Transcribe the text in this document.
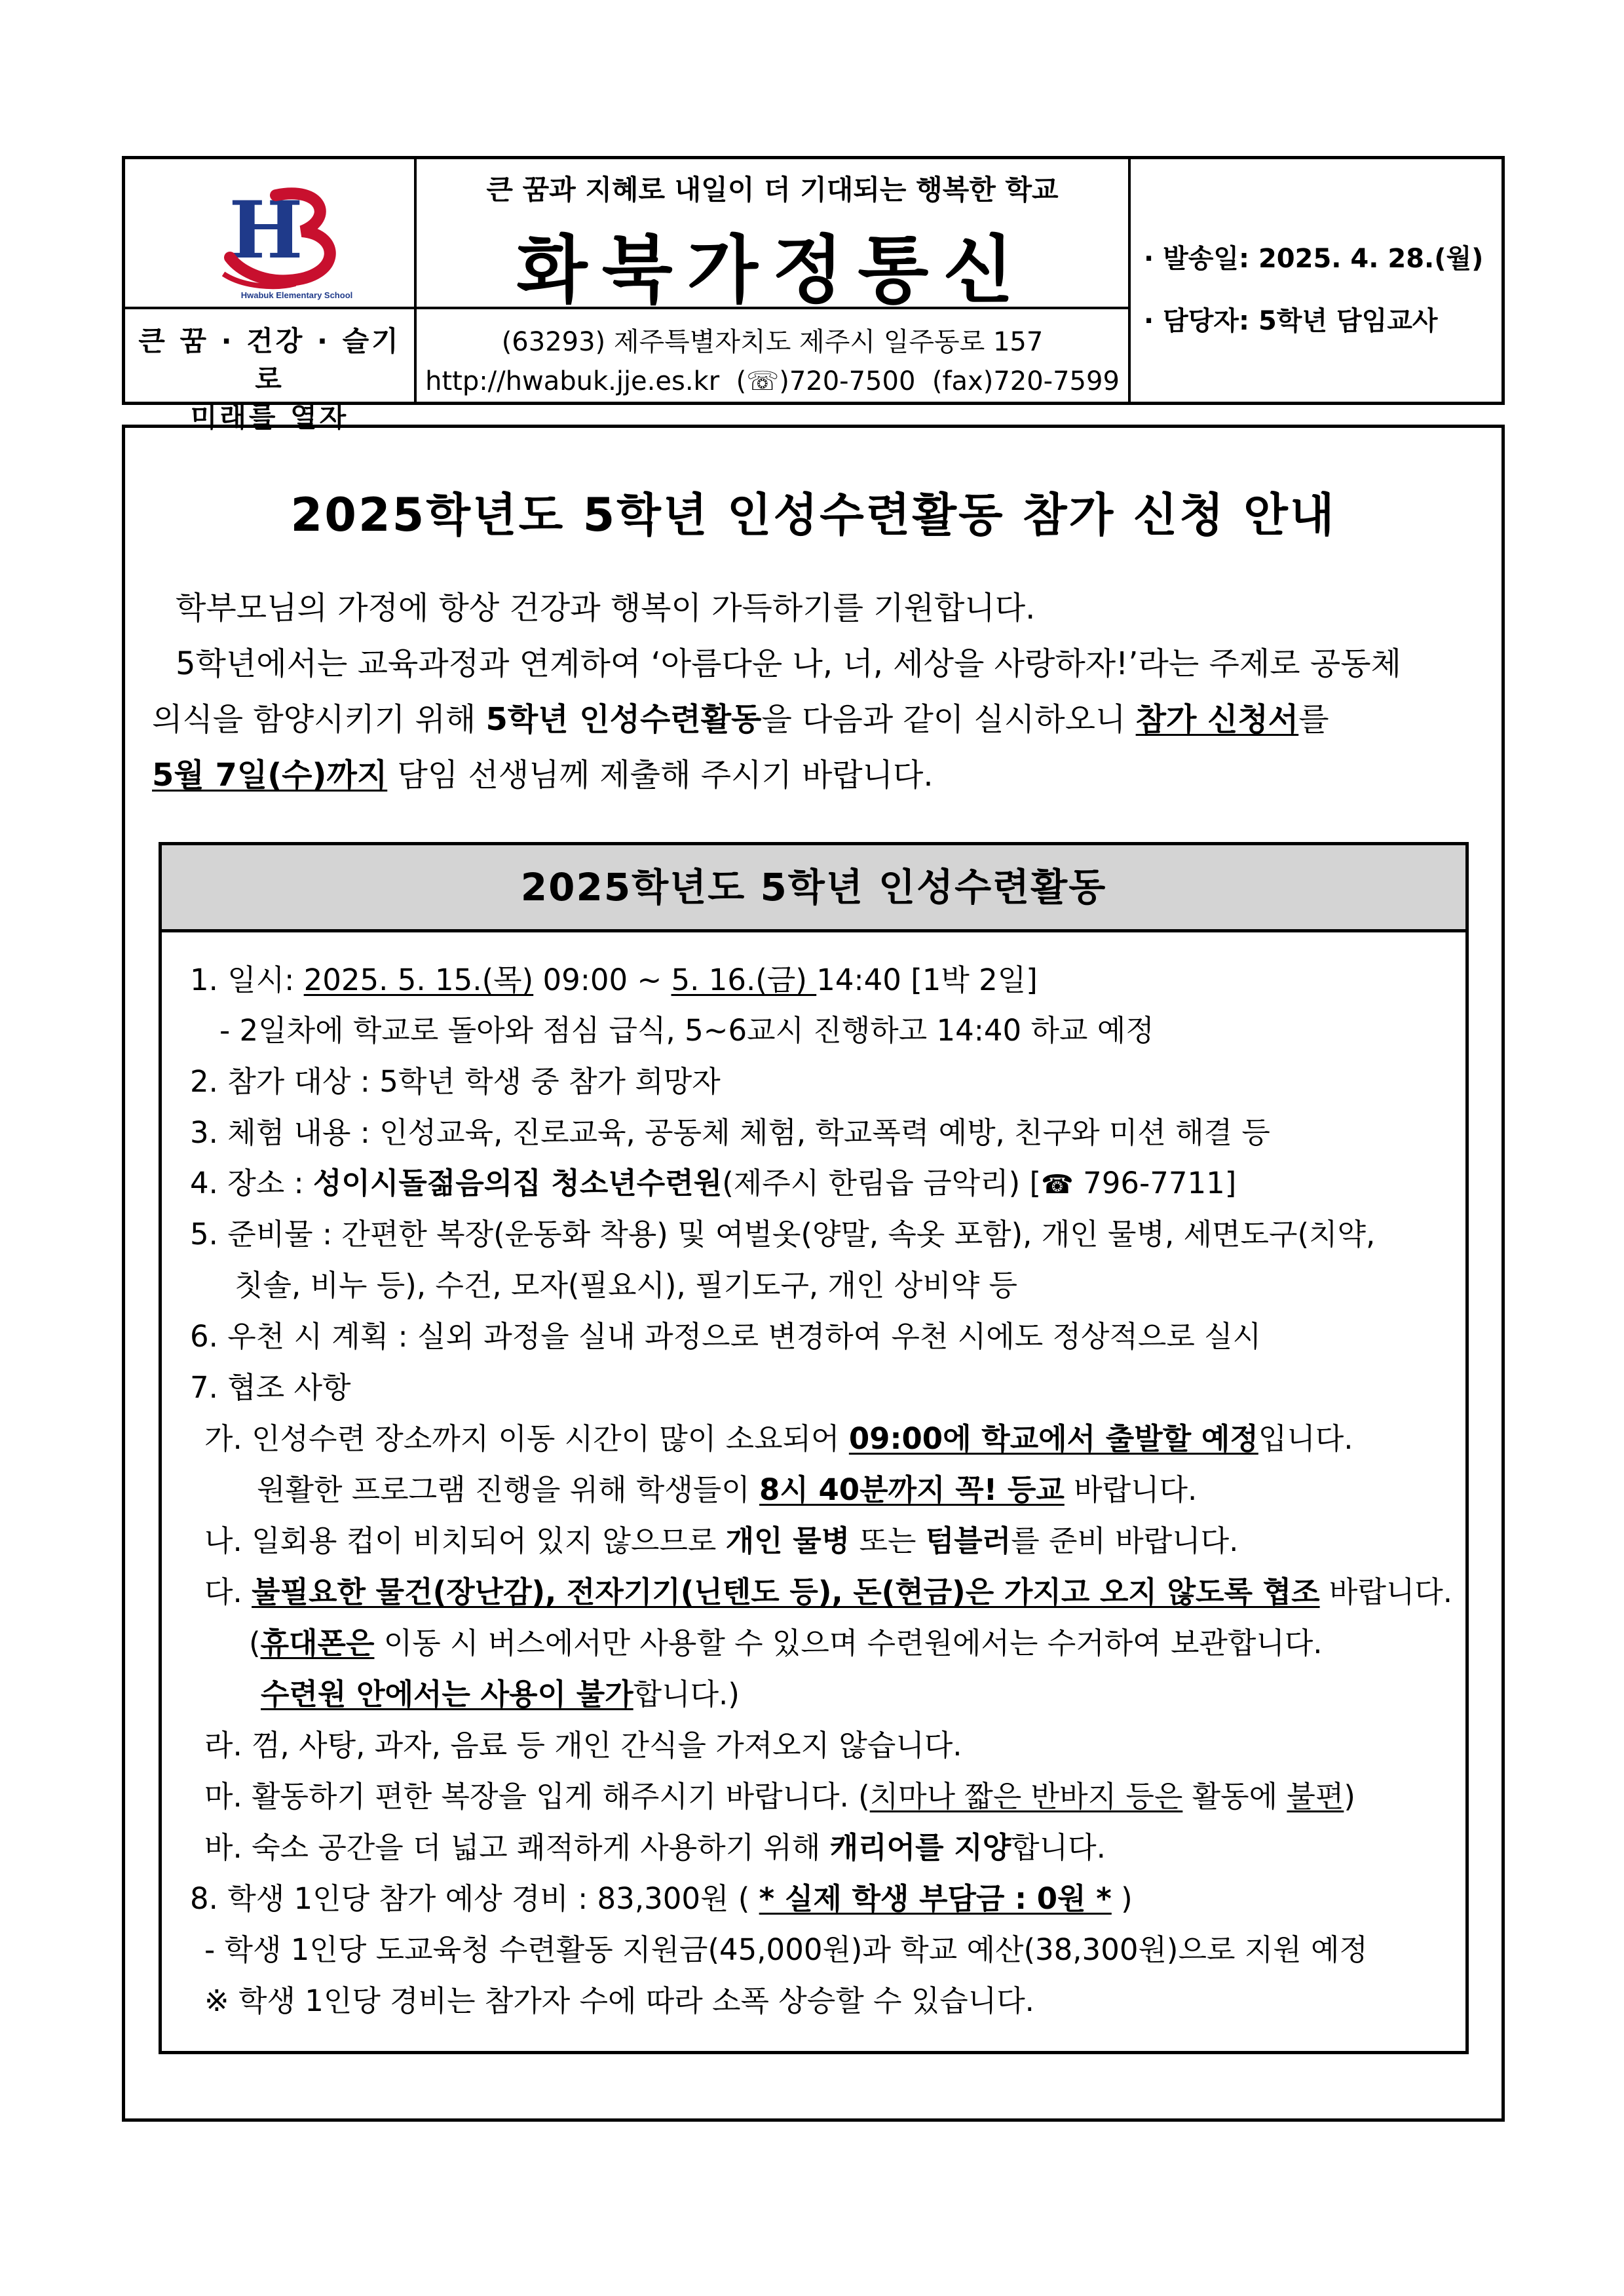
H
Hwabuk Elementary School
큰 꿈 · 건강 · 슬기로
미래를 열자
큰 꿈과 지혜로 내일이 더 기대되는 행복한 학교
화북가정통신
(63293) 제주특별자치도 제주시 일주동로 157
http://hwabuk.jje.es.kr (☏)720-7500 (fax)720-7599
· 발송일: 2025. 4. 28.(월)
· 담당자: 5학년 담임교사
2025학년도 5학년 인성수련활동 참가 신청 안내
학부모님의 가정에 항상 건강과 행복이 가득하기를 기원합니다.
5학년에서는 교육과정과 연계하여 ‘아름다운 나, 너, 세상을 사랑하자!’라는 주제로 공동체
의식을 함양시키기 위해 5학년 인성수련활동을 다음과 같이 실시하오니 참가 신청서를
5월 7일(수)까지 담임 선생님께 제출해 주시기 바랍니다.
2025학년도 5학년 인성수련활동
1. 일시: 2025. 5. 15.(목) 09:00 ~ 5. 16.(금) 14:40 [1박 2일]
- 2일차에 학교로 돌아와 점심 급식, 5~6교시 진행하고 14:40 하교 예정
2. 참가 대상 : 5학년 학생 중 참가 희망자
3. 체험 내용 : 인성교육, 진로교육, 공동체 체험, 학교폭력 예방, 친구와 미션 해결 등
4. 장소 : 성이시돌젊음의집 청소년수련원(제주시 한림읍 금악리) [☎ 796-7711]
5. 준비물 : 간편한 복장(운동화 착용) 및 여벌옷(양말, 속옷 포함), 개인 물병, 세면도구(치약,
칫솔, 비누 등), 수건, 모자(필요시), 필기도구, 개인 상비약 등
6. 우천 시 계획 : 실외 과정을 실내 과정으로 변경하여 우천 시에도 정상적으로 실시
7. 협조 사항
가. 인성수련 장소까지 이동 시간이 많이 소요되어 09:00에 학교에서 출발할 예정입니다.
원활한 프로그램 진행을 위해 학생들이 8시 40분까지 꼭! 등교 바랍니다.
나. 일회용 컵이 비치되어 있지 않으므로 개인 물병 또는 텀블러를 준비 바랍니다.
다. 불필요한 물건(장난감), 전자기기(닌텐도 등), 돈(현금)은 가지고 오지 않도록 협조 바랍니다.
(휴대폰은 이동 시 버스에서만 사용할 수 있으며 수련원에서는 수거하여 보관합니다.
수련원 안에서는 사용이 불가합니다.)
라. 껌, 사탕, 과자, 음료 등 개인 간식을 가져오지 않습니다.
마. 활동하기 편한 복장을 입게 해주시기 바랍니다. (치마나 짧은 반바지 등은 활동에 불편)
바. 숙소 공간을 더 넓고 쾌적하게 사용하기 위해 캐리어를 지양합니다.
8. 학생 1인당 참가 예상 경비 : 83,300원 ( * 실제 학생 부담금 : 0원 * )
- 학생 1인당 도교육청 수련활동 지원금(45,000원)과 학교 예산(38,300원)으로 지원 예정
※ 학생 1인당 경비는 참가자 수에 따라 소폭 상승할 수 있습니다.
